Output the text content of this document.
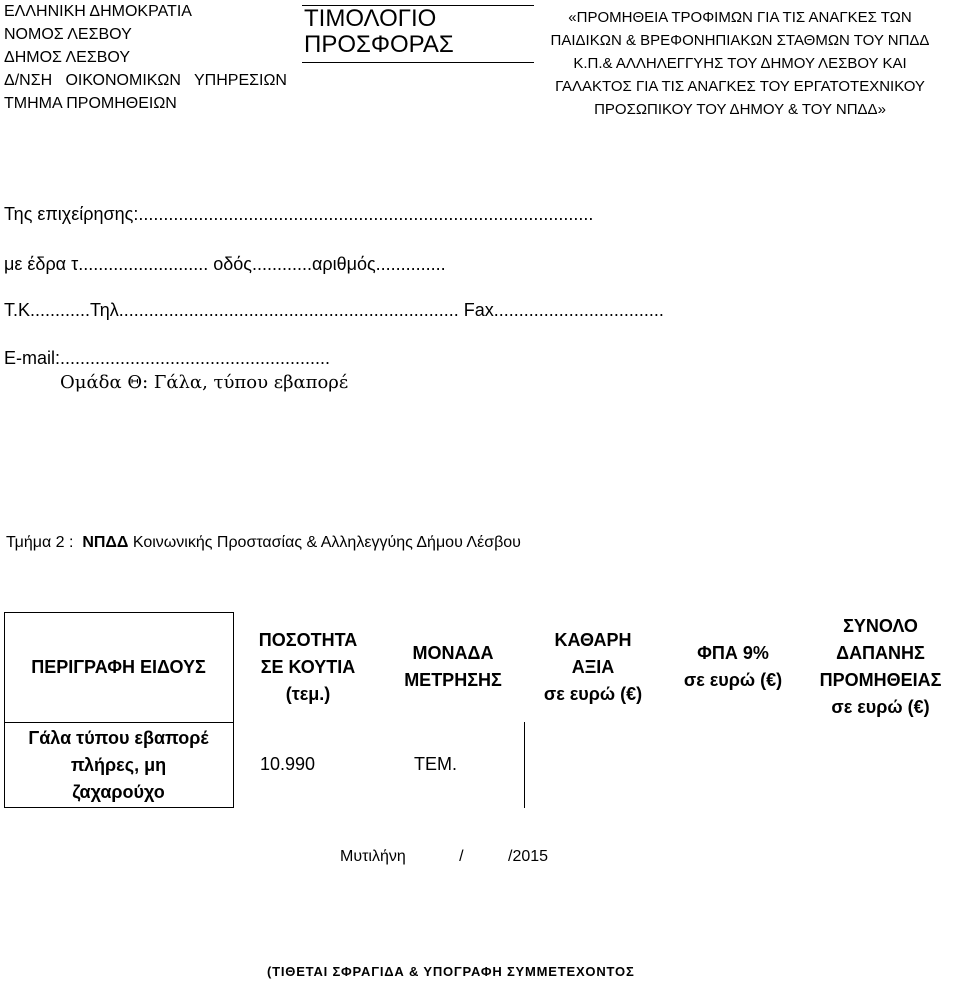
ΕΛΛΗΝΙΚΗ ΔΗΜΟΚΡΑΤΙΑ
ΝΟΜΟΣ ΛΕΣΒΟΥ
ΔΗΜΟΣ ΛΕΣΒΟΥ
Δ/ΝΣΗ   ΟΙΚΟΝΟΜΙΚΩΝ   ΥΠΗΡΕΣΙΩΝ
ΤΜΗΜΑ ΠΡΟΜΗΘΕΙΩΝ
ΤΙΜΟΛΟΓΙΟ
ΠΡΟΣΦΟΡΑΣ
«ΠΡΟΜΗΘΕΙΑ ΤΡΟΦΙΜΩΝ ΓΙΑ ΤΙΣ ΑΝΑΓΚΕΣ ΤΩΝ
ΠΑΙΔΙΚΩΝ & ΒΡΕΦΟΝΗΠΙΑΚΩΝ ΣΤΑΘΜΩΝ ΤΟΥ ΝΠΔΔ
Κ.Π.& ΑΛΛΗΛΕΓΓΥΗΣ ΤΟΥ ΔΗΜΟΥ ΛΕΣΒΟΥ ΚΑΙ
ΓΑΛΑΚΤΟΣ ΓΙΑ ΤΙΣ ΑΝΑΓΚΕΣ ΤΟΥ ΕΡΓΑΤΟΤΕΧΝΙΚΟΥ
ΠΡΟΣΩΠΙΚΟΥ ΤΟΥ ΔΗΜΟΥ & ΤΟΥ ΝΠΔΔ»
Της επιχείρησης:...........................................................................................
με έδρα τ.......................... οδός............αριθμός..............
Τ.Κ............Τηλ.................................................................... Fax..................................
E-mail:......................................................
Ομάδα Θ: Γάλα, τύπου εβαπορέ
Τμήμα 2 :  ΝΠΔΔ Κοινωνικής Προστασίας & Αλληλεγγύης Δήμου Λέσβου
ΠΕΡΙΓΡΑΦΗ ΕΙΔΟΥΣ
ΠΟΣΟΤΗΤΑ
ΣΕ ΚΟΥΤΙΑ
(τεμ.)
ΜΟΝΑΔΑ
ΜΕΤΡΗΣΗΣ
ΚΑΘΑΡΗ
ΑΞΙΑ
σε ευρώ (€)
ΦΠΑ 9%
σε ευρώ (€)
ΣΥΝΟΛΟ
ΔΑΠΑΝΗΣ
ΠΡΟΜΗΘΕΙΑΣ
σε ευρώ (€)
Γάλα τύπου εβαπορέ
πλήρες, μη
ζαχαρούχο
10.990	ΤΕΜ.
Μυτιλήνη            /          /2015
(ΤΙΘΕΤΑΙ ΣΦΡΑΓΙΔΑ & ΥΠΟΓΡΑΦΗ ΣΥΜΜΕΤΕΧΟΝΤΟΣ
